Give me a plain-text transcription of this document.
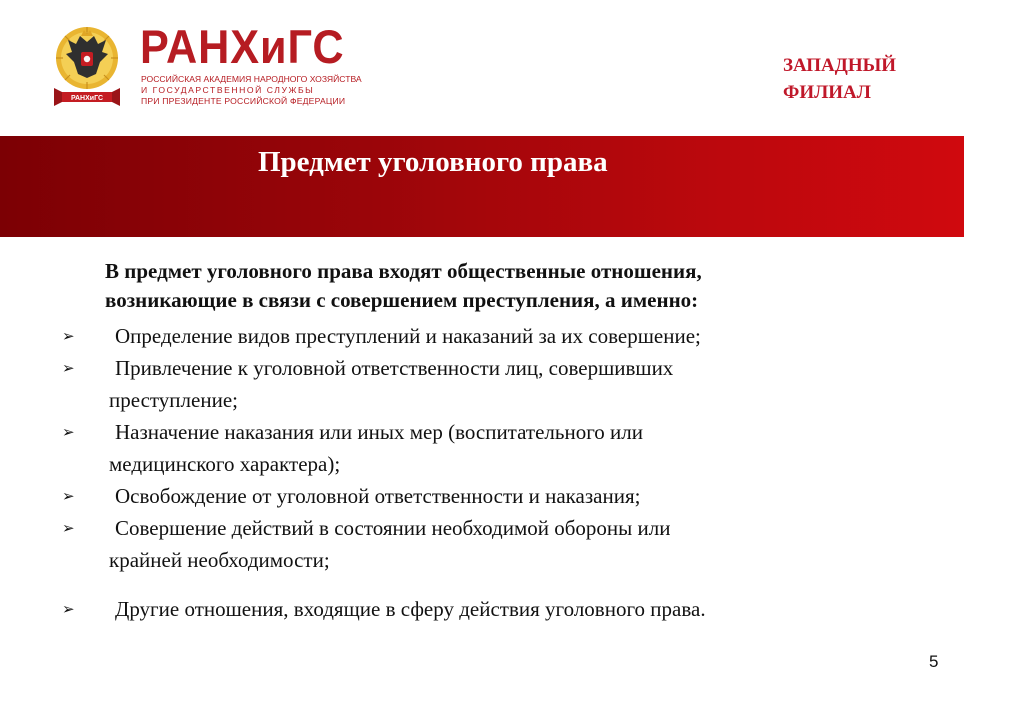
РАНХиГС
РАНХиГС
РОССИЙСКАЯ АКАДЕМИЯ НАРОДНОГО ХОЗЯЙСТВА
И ГОСУДАРСТВЕННОЙ СЛУЖБЫ
ПРИ ПРЕЗИДЕНТЕ РОССИЙСКОЙ ФЕДЕРАЦИИ
ЗАПАДНЫЙ
ФИЛИАЛ
Предмет уголовного права
В предмет уголовного права входят общественные отношения,
возникающие в связи с совершением преступления, а именно:
➢ Определение видов преступлений и наказаний за их совершение;
➢ Привлечение к уголовной ответственности лиц, совершивших
преступление;
➢ Назначение наказания или иных мер (воспитательного или
медицинского характера);
➢ Освобождение от уголовной ответственности и наказания;
➢ Совершение действий в состоянии необходимой обороны или
крайней необходимости;
➢ Другие отношения, входящие в сферу действия уголовного права.
5
